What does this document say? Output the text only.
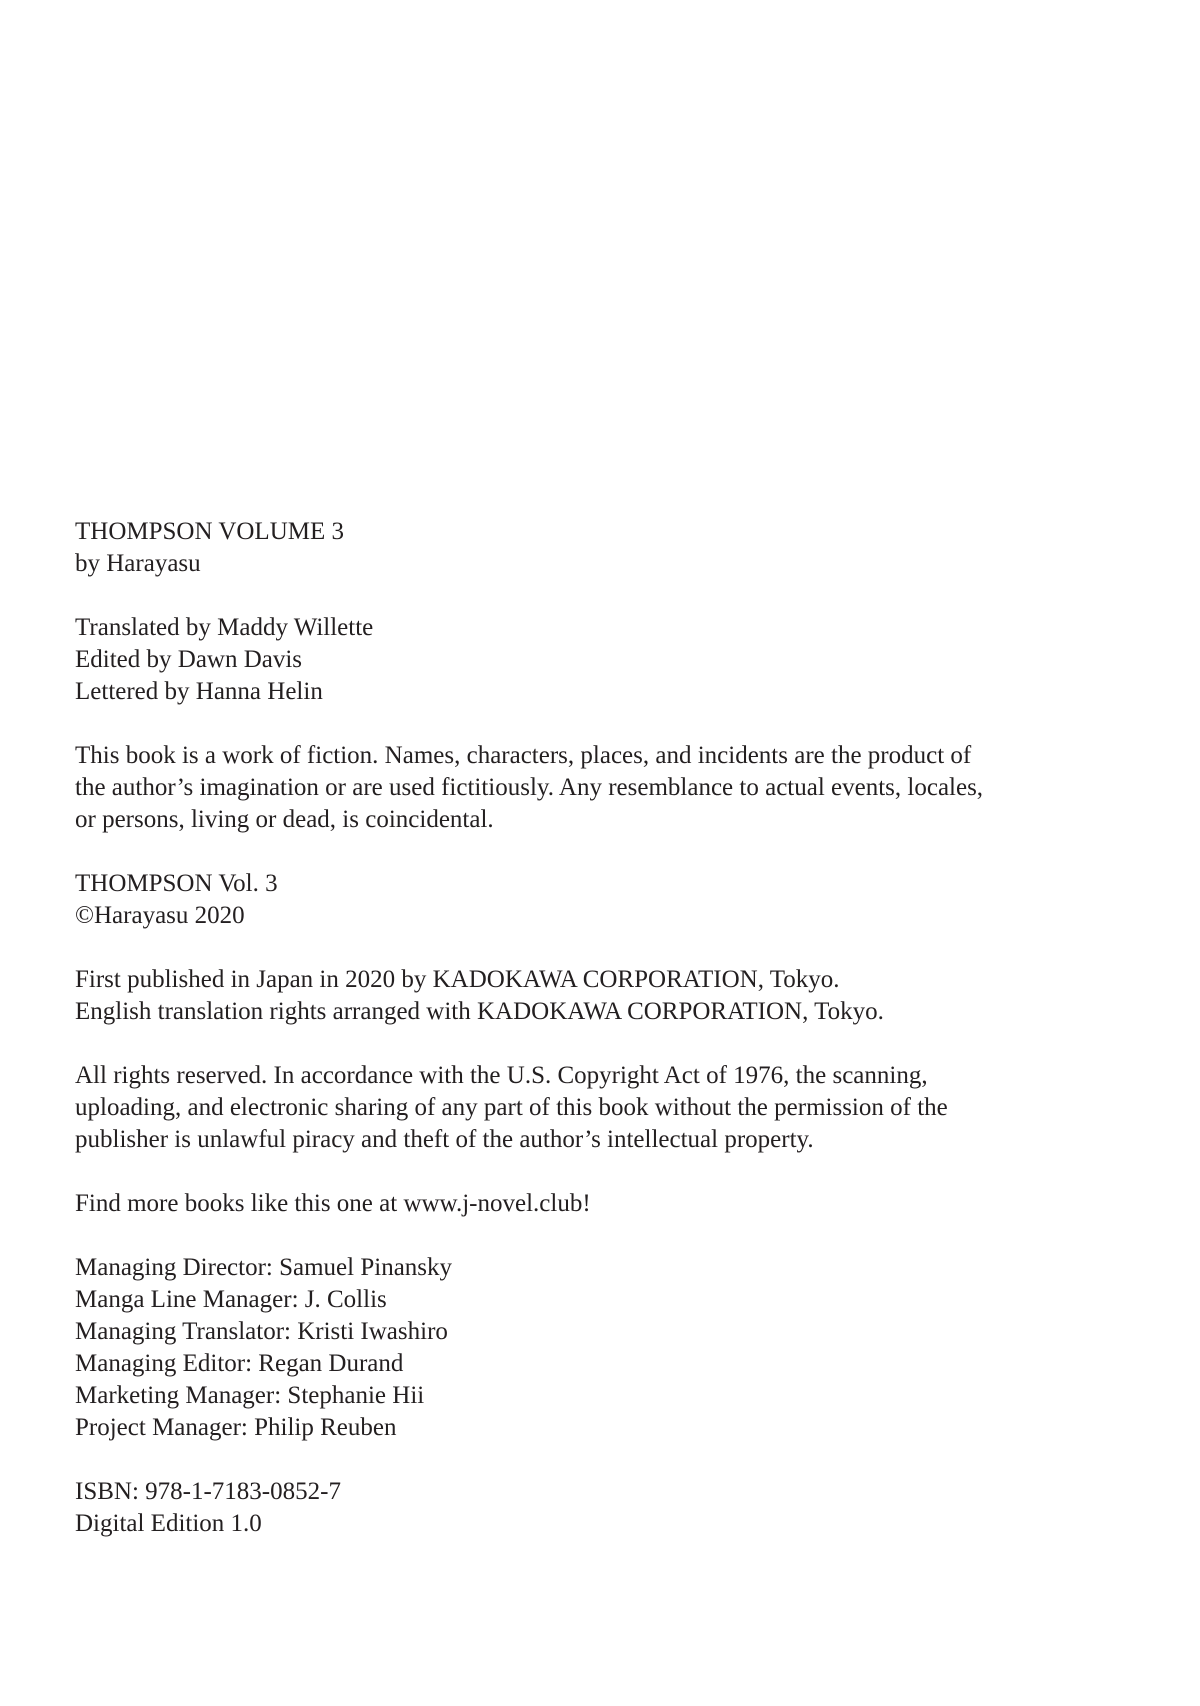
THOMPSON VOLUME 3
by Harayasu
Translated by Maddy Willette
Edited by Dawn Davis
Lettered by Hanna Helin
This book is a work of fiction. Names, characters, places, and incidents are the product of
the author’s imagination or are used fictitiously. Any resemblance to actual events, locales,
or persons, living or dead, is coincidental.
THOMPSON Vol. 3
©Harayasu 2020
First published in Japan in 2020 by KADOKAWA CORPORATION, Tokyo.
English translation rights arranged with KADOKAWA CORPORATION, Tokyo.
All rights reserved. In accordance with the U.S. Copyright Act of 1976, the scanning,
uploading, and electronic sharing of any part of this book without the permission of the
publisher is unlawful piracy and theft of the author’s intellectual property.
Find more books like this one at www.j-novel.club!
Managing Director: Samuel Pinansky
Manga Line Manager: J. Collis
Managing Translator: Kristi Iwashiro
Managing Editor: Regan Durand
Marketing Manager: Stephanie Hii
Project Manager: Philip Reuben
ISBN: 978-1-7183-0852-7
Digital Edition 1.0
